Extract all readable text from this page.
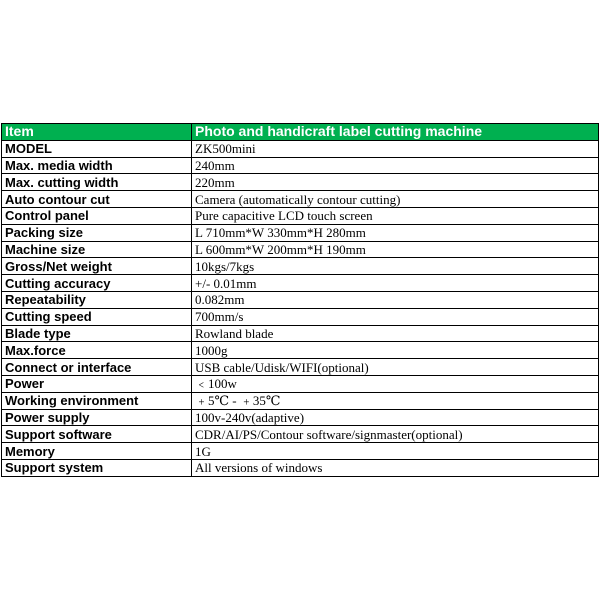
Item	Photo and handicraft label cutting machine
MODEL	ZK500mini
Max. media width	240mm
Max. cutting width	220mm
Auto contour cut	Camera (automatically contour cutting)
Control panel	Pure capacitive LCD touch screen
Packing size	L 710mm*W 330mm*H 280mm
Machine size	L 600mm*W 200mm*H 190mm
Gross/Net weight	10kgs/7kgs
Cutting accuracy	+/- 0.01mm
Repeatability	0.082mm
Cutting speed	700mm/s
Blade type	Rowland blade
Max.force	1000g
Connect or interface	USB cable/Udisk/WIFI(optional)
Power	﹤100w
Working environment	﹢5℃ - ﹢35℃
Power supply	100v-240v(adaptive)
Support software	CDR/AI/PS/Contour software/signmaster(optional)
Memory	1G
Support system	All versions of windows
